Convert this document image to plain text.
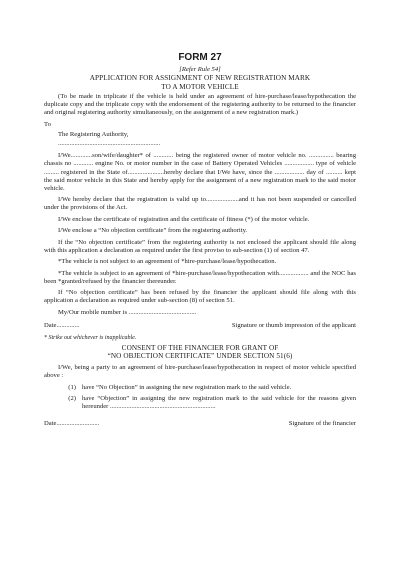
FORM 27
[Refer Rule 54]
APPLICATION FOR ASSIGNMENT OF NEW REGISTRATION MARK
TO A MOTOR VEHICLE

(To be made in triplicate if the vehicle is held under an agreement of hire-purchase/lease/hypothecation the duplicate copy and the triplicate copy with the endorsement of the registering authority to be returned to the financier and original registering authority simultaneously, on the assignment of a new registration mark.)

To

The Registering Authority,

..............................................................

I/We.............son/wife/daughter* of ............ being the registered owner of motor vehicle no. ............... bearing chassis no ............ engine No. or motor number in the case of Battery Operated Vehicles .................. type of vehicle ......... registered in the State of......................hereby declare that I/We have, since the .................. day of .......... kept the said motor vehicle in this State and hereby apply for the assignment of a new registration mark to the said motor vehicle.

I/We hereby declare that the registration is valid up to....................and it has not been suspended or cancelled under the provisions of the Act.

I/We enclose the certificate of registration and the certificate of fitness (*) of the motor vehicle.

I/We enclose a “No objection certificate” from the registering authority.

If the “No objection certificate” from the registering authority is not enclosed the applicant should file along with this application a declaration as required under the first proviso to sub-section (1) of section 47.

*The vehicle is not subject to an agreement of *hire-purchase/lease/hypothecation.

*The vehicle is subject to an agreement of *hire-purchase/lease/hypothecation with.................. and the NOC has been *granted/refused by the financier thereunder.

If “No objection certificate” has been refused by the financier the applicant should file along with this application a declaration as required under sub-section (8) of section 51.

My/Our mobile number is .........................................

Date..............	Signature or thumb impression of the applicant
* Strike out whichever is inapplicable.
CONSENT OF THE FINANCIER FOR GRANT OF
“NO OBJECTION CERTIFICATE” UNDER SECTION 51(6)

I/We, being a party to an agreement of hire-purchase/lease/hypothecation in respect of motor vehicle specified above :

(1) have “No Objection” in assigning the new registration mark to the said vehicle.
(2) have “Objection” in assigning the new registration mark to the said vehicle for the reasons given hereunder ................................................................
Date..........................	Signature of the financier
